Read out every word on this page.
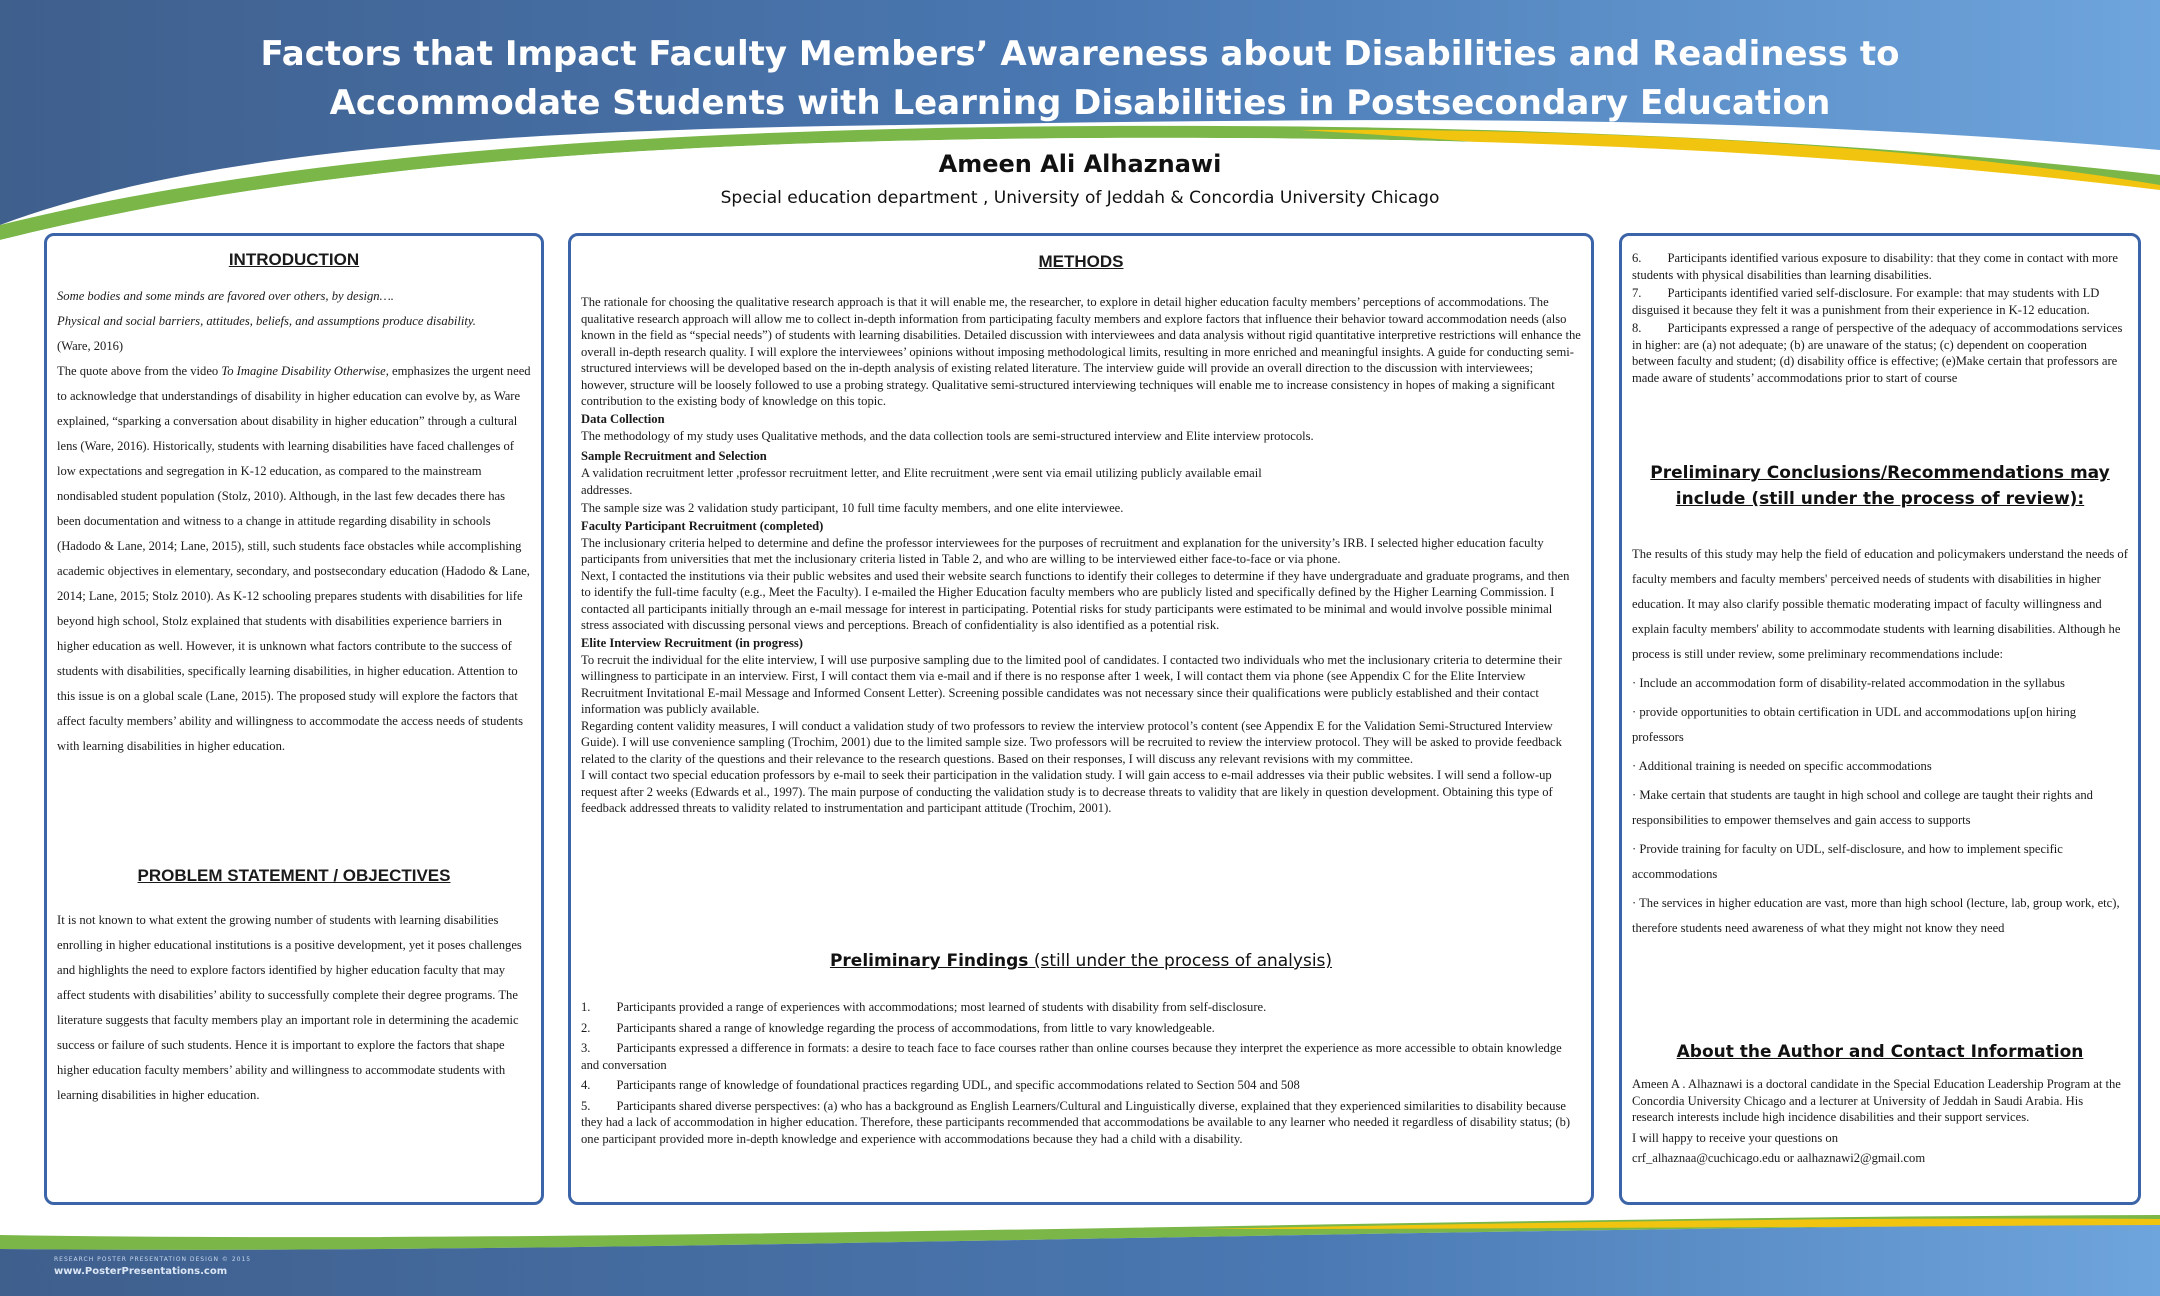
Factors that Impact Faculty Members’ Awareness about Disabilities and Readiness to
Accommodate Students with Learning Disabilities in Postsecondary Education
Ameen Ali Alhaznawi
Special education department , University of Jeddah & Concordia University Chicago
INTRODUCTION

Some bodies and some minds are favored over others, by design….

Physical and social barriers, attitudes, beliefs, and assumptions produce disability.

(Ware, 2016)

The quote above from the video To Imagine Disability Otherwise, emphasizes the urgent need to acknowledge that understandings of disability in higher education can evolve by, as Ware explained, “sparking a conversation about disability in higher education” through a cultural lens (Ware, 2016). Historically, students with learning disabilities have faced challenges of low expectations and segregation in K-12 education, as compared to the mainstream nondisabled student population (Stolz, 2010). Although, in the last few decades there has been documentation and witness to a change in attitude regarding disability in schools (Hadodo & Lane, 2014; Lane, 2015), still, such students face obstacles while accomplishing academic objectives in elementary, secondary, and postsecondary education (Hadodo & Lane, 2014; Lane, 2015; Stolz 2010). As K-12 schooling prepares students with disabilities for life beyond high school, Stolz explained that students with disabilities experience barriers in higher education as well. However, it is unknown what factors contribute to the success of students with disabilities, specifically learning disabilities, in higher education. Attention to this issue is on a global scale (Lane, 2015). The proposed study will explore the factors that affect faculty members’ ability and willingness to accommodate the access needs of students with learning disabilities in higher education.

PROBLEM STATEMENT / OBJECTIVES

It is not known to what extent the growing number of students with learning disabilities enrolling in higher educational institutions is a positive development, yet it poses challenges and highlights the need to explore factors identified by higher education faculty that may affect students with disabilities’ ability to successfully complete their degree programs. The literature suggests that faculty members play an important role in determining the academic success or failure of such students. Hence it is important to explore the factors that shape higher education faculty members’ ability and willingness to accommodate students with learning disabilities in higher education.

METHODS

The rationale for choosing the qualitative research approach is that it will enable me, the researcher, to explore in detail higher education faculty members’ perceptions of accommodations. The qualitative research approach will allow me to collect in-depth information from participating faculty members and explore factors that influence their behavior toward accommodation needs (also known in the field as “special needs”) of students with learning disabilities. Detailed discussion with interviewees and data analysis without rigid quantitative interpretive restrictions will enhance the overall in-depth research quality. I will explore the interviewees’ opinions without imposing methodological limits, resulting in more enriched and meaningful insights. A guide for conducting semi-structured interviews will be developed based on the in-depth analysis of existing related literature. The interview guide will provide an overall direction to the discussion with interviewees; however, structure will be loosely followed to use a probing strategy. Qualitative semi-structured interviewing techniques will enable me to increase consistency in hopes of making a significant contribution to the existing body of knowledge on this topic.

Data Collection

The methodology of my study uses Qualitative methods, and the data collection tools are semi-structured interview and Elite interview protocols.

Sample Recruitment and Selection

A validation recruitment letter ,professor recruitment letter, and Elite recruitment ,were sent via email utilizing publicly available email

addresses.

The sample size was 2 validation study participant, 10 full time faculty members, and one elite interviewee.

Faculty Participant Recruitment (completed)

The inclusionary criteria helped to determine and define the professor interviewees for the purposes of recruitment and explanation for the university’s IRB. I selected higher education faculty participants from universities that met the inclusionary criteria listed in Table 2, and who are willing to be interviewed either face-to-face or via phone.

Next, I contacted the institutions via their public websites and used their website search functions to identify their colleges to determine if they have undergraduate and graduate programs, and then to identify the full-time faculty (e.g., Meet the Faculty). I e-mailed the Higher Education faculty members who are publicly listed and specifically defined by the Higher Learning Commission. I contacted all participants initially through an e-mail message for interest in participating. Potential risks for study participants were estimated to be minimal and would involve possible minimal stress associated with discussing personal views and perceptions. Breach of confidentiality is also identified as a potential risk.

Elite Interview Recruitment (in progress)

To recruit the individual for the elite interview, I will use purposive sampling due to the limited pool of candidates. I contacted two individuals who met the inclusionary criteria to determine their willingness to participate in an interview. First, I will contact them via e-mail and if there is no response after 1 week, I will contact them via phone (see Appendix C for the Elite Interview Recruitment Invitational E-mail Message and Informed Consent Letter). Screening possible candidates was not necessary since their qualifications were publicly established and their contact information was publicly available.

Regarding content validity measures, I will conduct a validation study of two professors to review the interview protocol’s content (see Appendix E for the Validation Semi-Structured Interview Guide). I will use convenience sampling (Trochim, 2001) due to the limited sample size. Two professors will be recruited to review the interview protocol. They will be asked to provide feedback related to the clarity of the questions and their relevance to the research questions. Based on their responses, I will discuss any relevant revisions with my committee.

I will contact two special education professors by e-mail to seek their participation in the validation study. I will gain access to e-mail addresses via their public websites. I will send a follow-up request after 2 weeks (Edwards et al., 1997). The main purpose of conducting the validation study is to decrease threats to validity that are likely in question development. Obtaining this type of feedback addressed threats to validity related to instrumentation and participant attitude (Trochim, 2001).

Preliminary Findings (still under the process of analysis)
1. Participants provided a range of experiences with accommodations; most learned of students with disability from self-disclosure.
2. Participants shared a range of knowledge regarding the process of accommodations, from little to vary knowledgeable.
3. Participants expressed a difference in formats: a desire to teach face to face courses rather than online courses because they interpret the experience as more accessible to obtain knowledge and conversation
4. Participants range of knowledge of foundational practices regarding UDL, and specific accommodations related to Section 504 and 508
5. Participants shared diverse perspectives: (a) who has a background as English Learners/Cultural and Linguistically diverse, explained that they experienced similarities to disability because they had a lack of accommodation in higher education. Therefore, these participants recommended that accommodations be available to any learner who needed it regardless of disability status; (b) one participant provided more in-depth knowledge and experience with accommodations because they had a child with a disability.
6. Participants identified various exposure to disability: that they come in contact with more students with physical disabilities than learning disabilities.
7. Participants identified varied self-disclosure. For example: that may students with LD disguised it because they felt it was a punishment from their experience in K-12 education.
8. Participants expressed a range of perspective of the adequacy of accommodations services in higher: are (a) not adequate; (b) are unaware of the status; (c) dependent on cooperation between faculty and student; (d) disability office is effective; (e)Make certain that professors are made aware of students’ accommodations prior to start of course
Preliminary Conclusions/Recommendations may
include (still under the process of review):

The results of this study may help the field of education and policymakers understand the needs of faculty members and faculty members' perceived needs of students with disabilities in higher education. It may also clarify possible thematic moderating impact of faculty willingness and explain faculty members' ability to accommodate students with learning disabilities. Although he process is still under review, some preliminary recommendations include:

· Include an accommodation form of disability-related accommodation in the syllabus

· provide opportunities to obtain certification in UDL and accommodations up[on hiring professors

· Additional training is needed on specific accommodations

· Make certain that students are taught in high school and college are taught their rights and responsibilities to empower themselves and gain access to supports

· Provide training for faculty on UDL, self-disclosure, and how to implement specific accommodations

· The services in higher education are vast, more than high school (lecture, lab, group work, etc), therefore students need awareness of what they might not know they need

About the Author and Contact Information

Ameen A . Alhaznawi is a doctoral candidate in the Special Education Leadership Program at the Concordia University Chicago and a lecturer at University of Jeddah in Saudi Arabia. His research interests include high incidence disabilities and their support services.

I will happy to receive your questions on

crf_alhaznaa@cuchicago.edu or aalhaznawi2@gmail.com

RESEARCH POSTER PRESENTATION DESIGN © 2015
www.PosterPresentations.com
